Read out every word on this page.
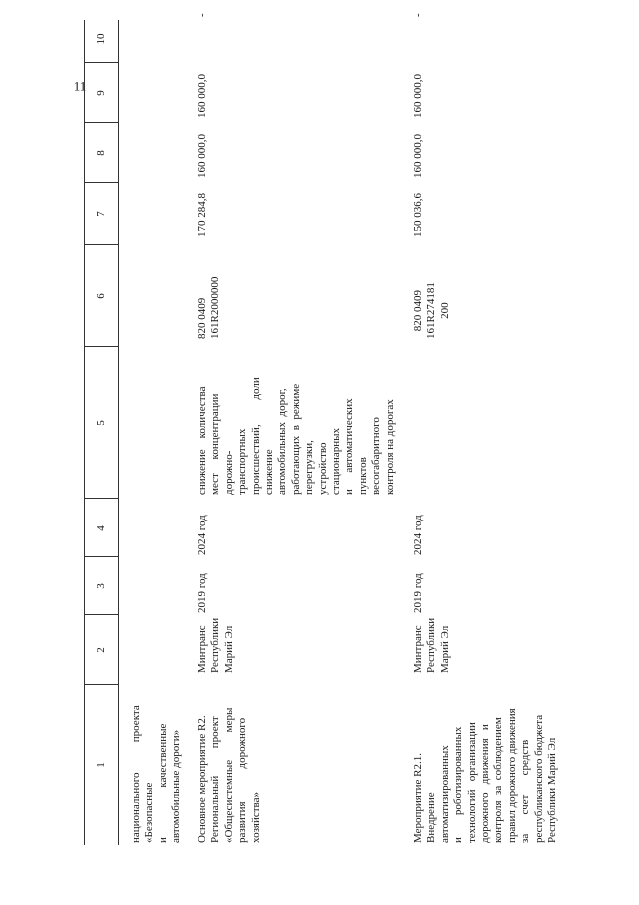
11
1
2
3
4
5
6
7
8
9
10
национального           проекта
«Безопасные
и                  качественные
автомобильные дороги»
Основное мероприятие R2.
Региональный          проект
«Общесистемные          меры
развития            дорожного
хозяйства»
Минтранс
Республики
Марий Эл
2019 год
2024 год
снижение    количества
мест     концентрации
дорожно-
транспортных
происшествий,         доли
снижение
автомобильных  дорог,
работающих  в  режиме
перегрузки,
устройство
стационарных
и      автоматических
пунктов
весогабаритного
контроля на дорогах
820 0409
161R2000000
170 284,8
160 000,0
160 000,0
-
Мероприятие R2.1.
Внедрение
автоматизированных
и        роботизированных
технологий   организации
дорожного   движения   и
контроля  за  соблюдением
правил дорожного движения
за       счет       средств
республиканского бюджета
Республики Марий Эл
Минтранс
Республики
Марий Эл
2019 год
2024 год
820 0409
161R274181
200
150 036,6
160 000,0
160 000,0
-
